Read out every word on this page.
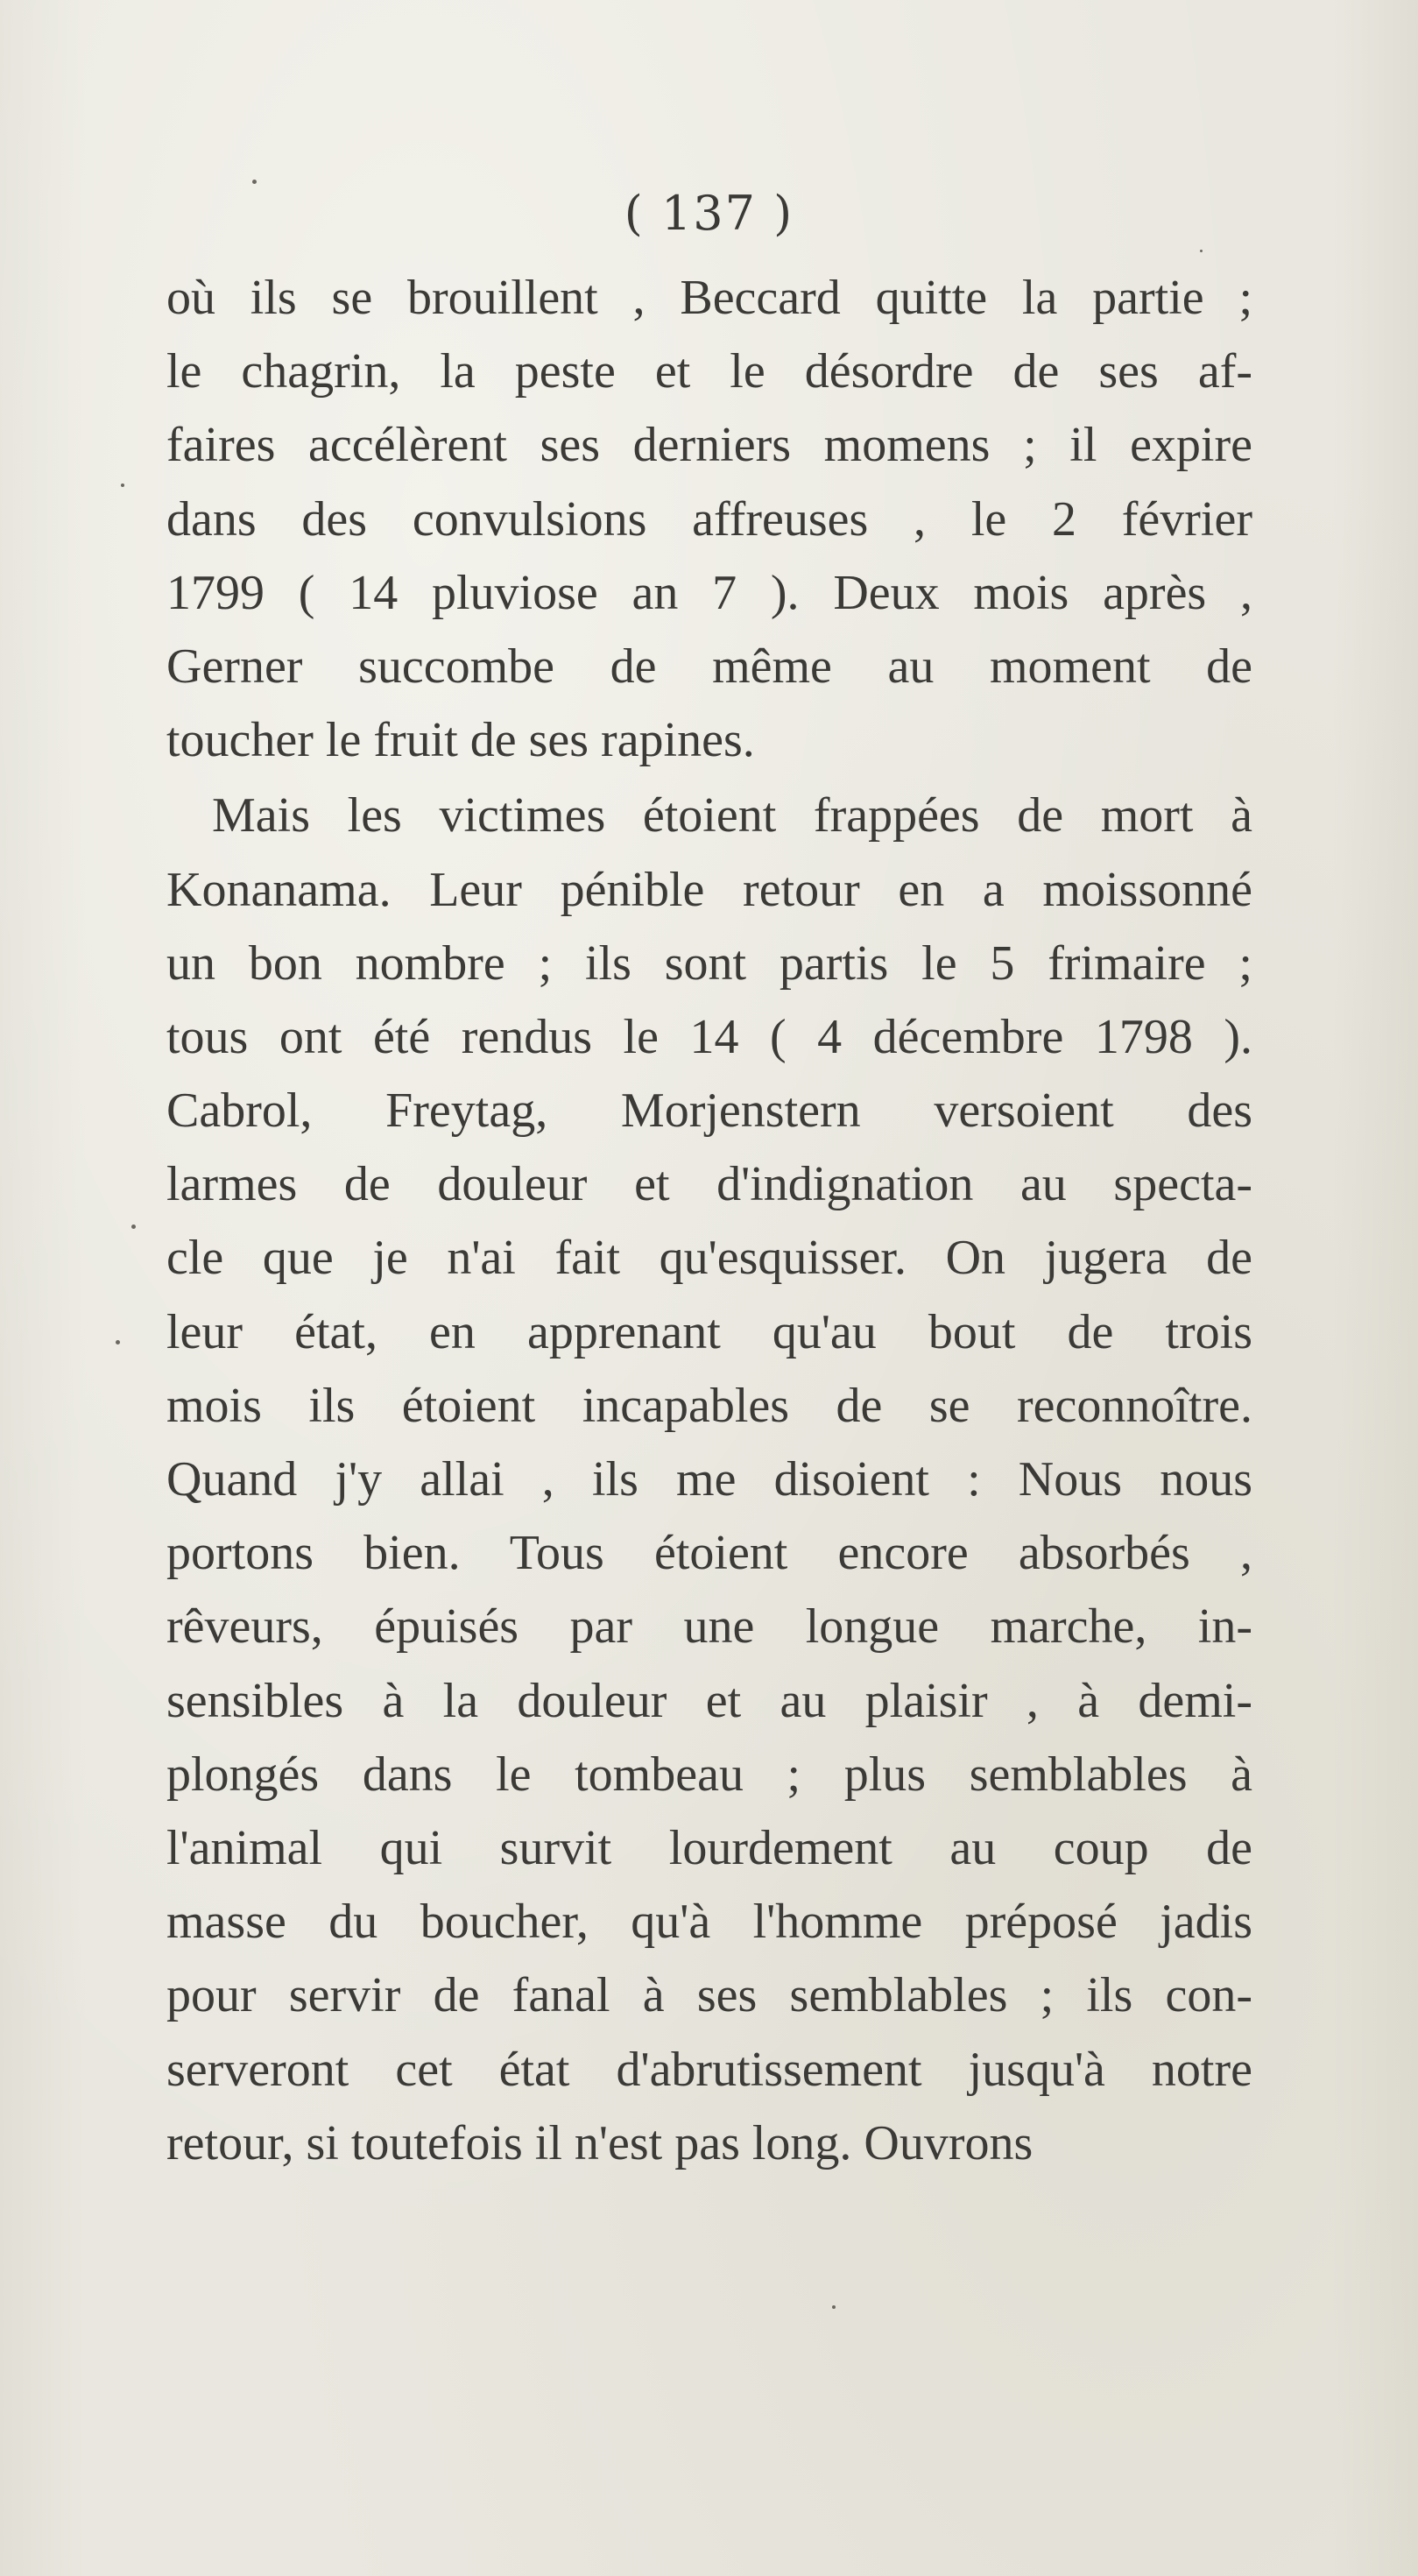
( 137 )
où ils se brouillent , Beccard quitte la partie ;
le chagrin, la peste et le désordre de ses af-
faires accélèrent ses derniers momens ; il expire
dans des convulsions affreuses , le 2 février
1799 ( 14 pluviose an 7 ). Deux mois après ,
Gerner succombe de même au moment de
toucher le fruit de ses rapines.
Mais les victimes étoient frappées de mort à
Konanama. Leur pénible retour en a moissonné
un bon nombre ; ils sont partis le 5 frimaire ;
tous ont été rendus le 14 ( 4 décembre 1798 ).
Cabrol, Freytag, Morjenstern versoient des
larmes de douleur et d'indignation au specta-
cle que je n'ai fait qu'esquisser. On jugera de
leur état, en apprenant qu'au bout de trois
mois ils étoient incapables de se reconnoître.
Quand j'y allai , ils me disoient : Nous nous
portons bien. Tous étoient encore absorbés ,
rêveurs, épuisés par une longue marche, in-
sensibles à la douleur et au plaisir , à demi-
plongés dans le tombeau ; plus semblables à
l'animal qui survit lourdement au coup de
masse du boucher, qu'à l'homme préposé jadis
pour servir de fanal à ses semblables ; ils con-
serveront cet état d'abrutissement jusqu'à notre
retour, si toutefois il n'est pas long. Ouvrons
